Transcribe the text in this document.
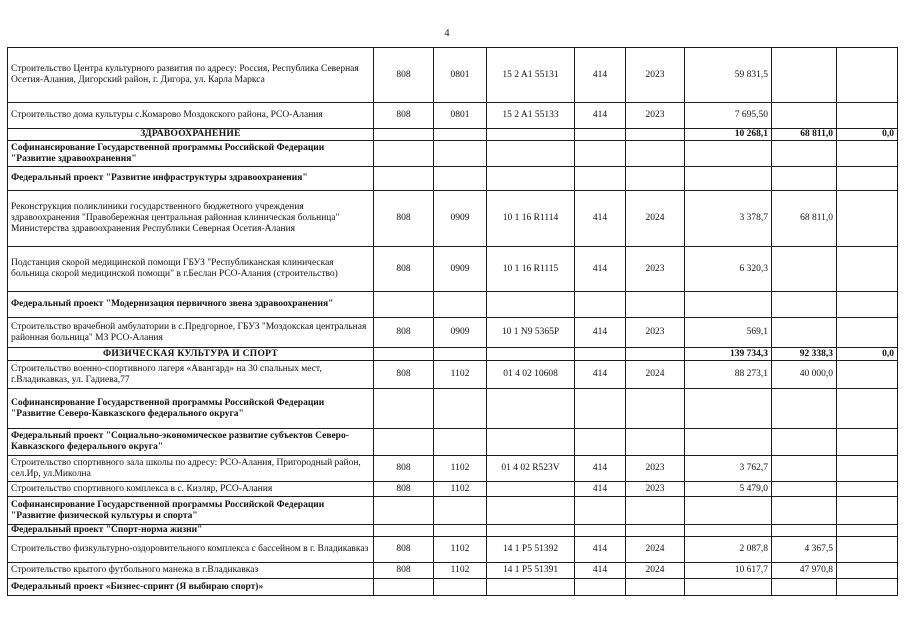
4
Строительство Центра культурного развития по адресу: Россия, Республика Северная Осетия-Алания, Дигорский район, г. Дигора, ул. Карла Маркса	808	0801	15 2 A1 55131	414	2023	59 831,5		
Строительство дома культуры с.Комарово Моздокского района, РСО-Алания	808	0801	15 2 A1 55133	414	2023	7 695,50		
ЗДРАВООХРАНЕНИЕ						10 268,1	68 811,0	0,0
Софинансирование Государственной программы Российской Федерации "Развитие здравоохранения"								
Федеральный проект "Развитие инфраструктуры здравоохранения"								
Реконструкция поликлиники государственного бюджетного учреждения здравоохранения "Правобережная центральная районная клиническая больница" Министерства здравоохранения Республики Северная Осетия-Алания	808	0909	10 1 16 R1114	414	2024	3 378,7	68 811,0	
Подстанция скорой медицинской помощи ГБУЗ "Республиканская клиническая больница скорой медицинской помощи" в г.Беслан РСО-Алания (строительство)	808	0909	10 1 16 R1115	414	2023	6 320,3		
Федеральный проект "Модернизация первичного звена здравоохранения"								
Строительство врачебной амбулатории в с.Предгорное, ГБУЗ "Моздокская центральная районная больница" МЗ РСО-Алания	808	0909	10 1 N9 5365P	414	2023	569,1		
ФИЗИЧЕСКАЯ КУЛЬТУРА И СПОРТ						139 734,3	92 338,3	0,0
Строительство военно-спортивного лагеря «Авангард» на 30 спальных мест, г.Владикавказ, ул. Гадиева,77	808	1102	01 4 02 10608	414	2024	88 273,1	40 000,0	
Софинансирование Государственной программы Российской Федерации "Развитие Северо-Кавказского федерального округа"								
Федеральный проект "Социально-экономическое развитие субъектов Северо-Кавказского федерального округа"								
Строительство спортивного зала школы по адресу: РСО-Алания, Пригородный район, сел.Ир, ул.Миколна	808	1102	01 4 02 R523V	414	2023	3 762,7		
Строительство спортивного комплекса в с. Кизляр, РСО-Алания	808	1102		414	2023	5 479,0		
Софинансирование Государственной программы Российской Федерации "Развитие физической культуры и спорта"								
Федеральный проект "Спорт-норма жизни"								
Строительство физкультурно-оздоровительного комплекса с бассейном в г. Владикавказ	808	1102	14 1 P5 51392	414	2024	2 087,8	4 367,5	
Строительство крытого футбольного манежа в г.Владикавказ	808	1102	14 1 P5 51391	414	2024	10 617,7	47 970,8	
Федеральный проект «Бизнес-спринт (Я выбираю спорт)»								
